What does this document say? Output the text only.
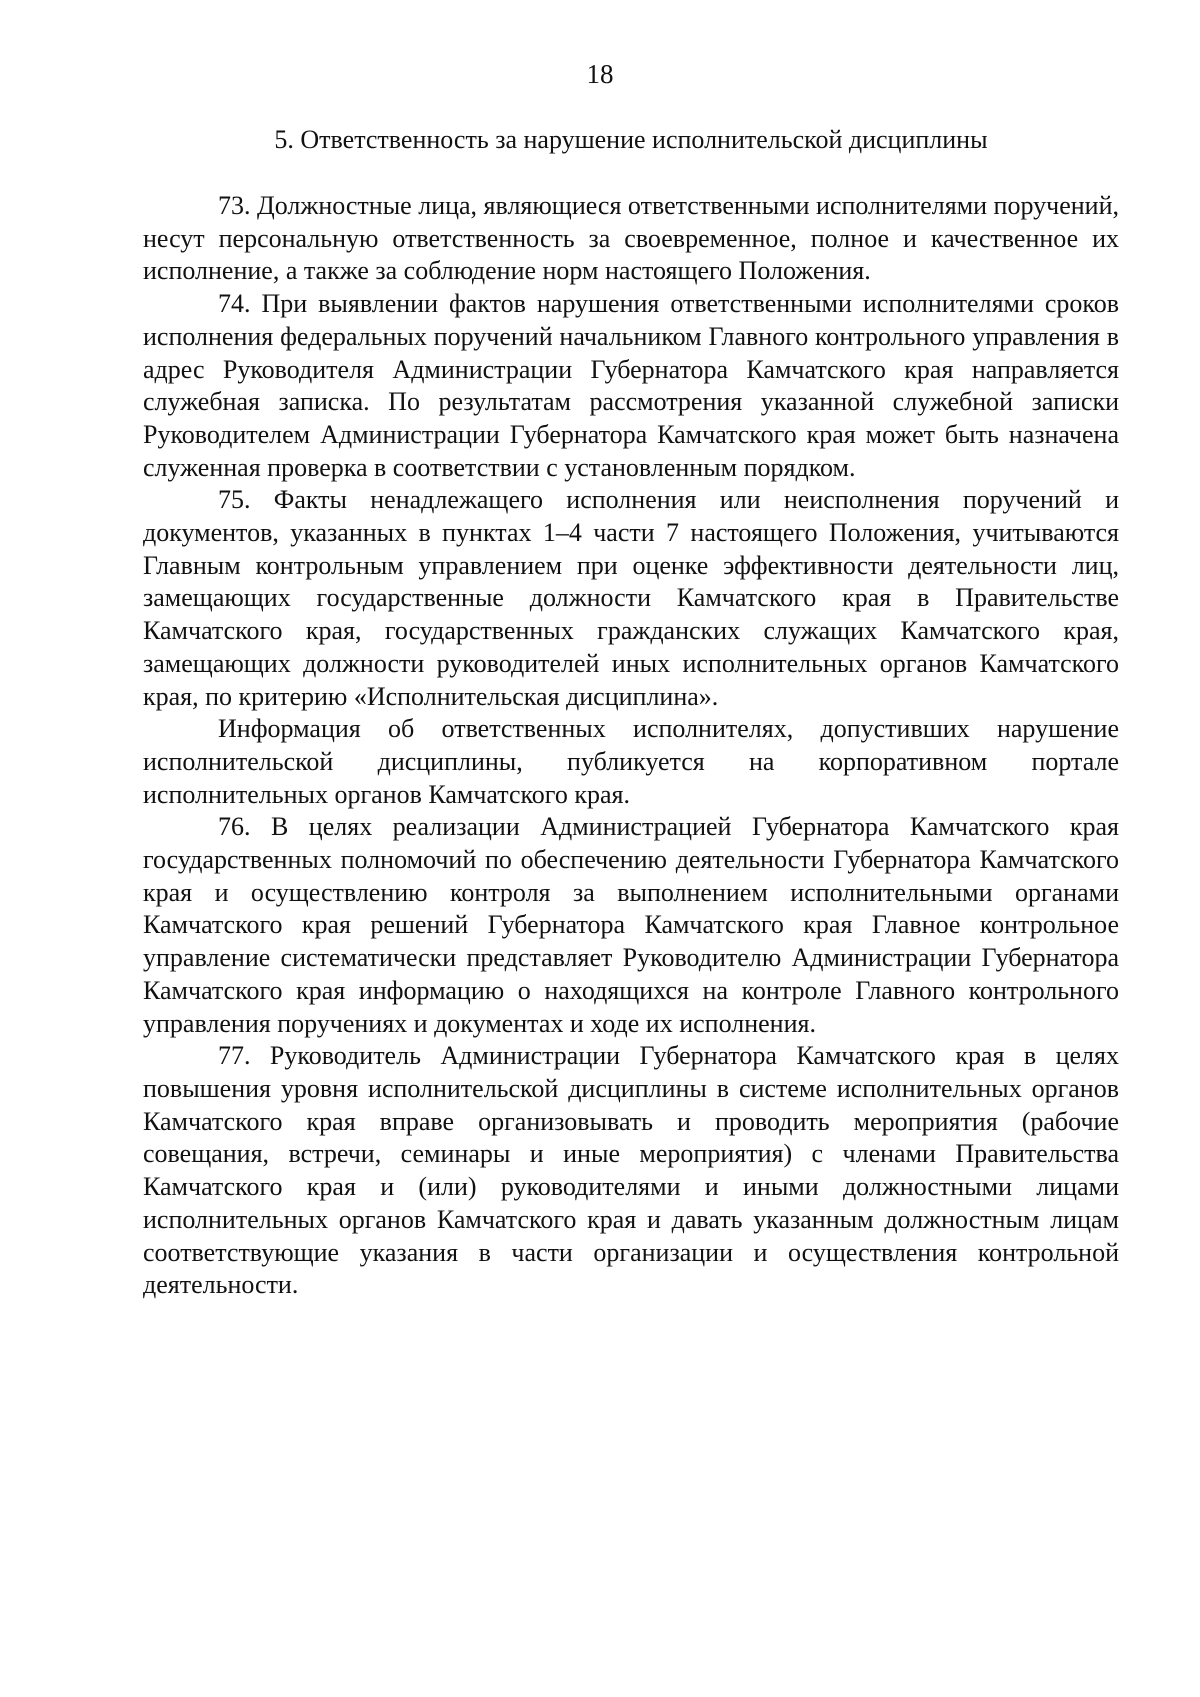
18
5. Ответственность за нарушение исполнительской дисциплины

73. Должностные лица, являющиеся ответственными исполнителями поручений, несут персональную ответственность за своевременное, полное и качественное их исполнение, а также за соблюдение норм настоящего Положения.

74. При выявлении фактов нарушения ответственными исполнителями сроков исполнения федеральных поручений начальником Главного контрольного управления в адрес Руководителя Администрации Губернатора Камчатского края направляется служебная записка. По результатам рассмотрения указанной служебной записки Руководителем Администрации Губернатора Камчатского края может быть назначена служенная проверка в соответствии с установленным порядком.

75. Факты ненадлежащего исполнения или неисполнения поручений и документов, указанных в пунктах 1–4 части 7 настоящего Положения, учитываются Главным контрольным управлением при оценке эффективности деятельности лиц, замещающих государственные должности Камчатского края в Правительстве Камчатского края, государственных гражданских служащих Камчатского края, замещающих должности руководителей иных исполнительных органов Камчатского края, по критерию «Исполнительская дисциплина».

Информация об ответственных исполнителях, допустивших нарушение исполнительской дисциплины, публикуется на корпоративном портале исполнительных органов Камчатского края.

76. В целях реализации Администрацией Губернатора Камчатского края государственных полномочий по обеспечению деятельности Губернатора Камчатского края и осуществлению контроля за выполнением исполнительными органами Камчатского края решений Губернатора Камчатского края Главное контрольное управление систематически представляет Руководителю Администрации Губернатора Камчатского края информацию о находящихся на контроле Главного контрольного управления поручениях и документах и ходе их исполнения.

77. Руководитель Администрации Губернатора Камчатского края в целях повышения уровня исполнительской дисциплины в системе исполнительных органов Камчатского края вправе организовывать и проводить мероприятия (рабочие совещания, встречи, семинары и иные мероприятия) с членами Правительства Камчатского края и (или) руководителями и иными должностными лицами исполнительных органов Камчатского края и давать указанным должностным лицам соответствующие указания в части организации и осуществления контрольной деятельности.
